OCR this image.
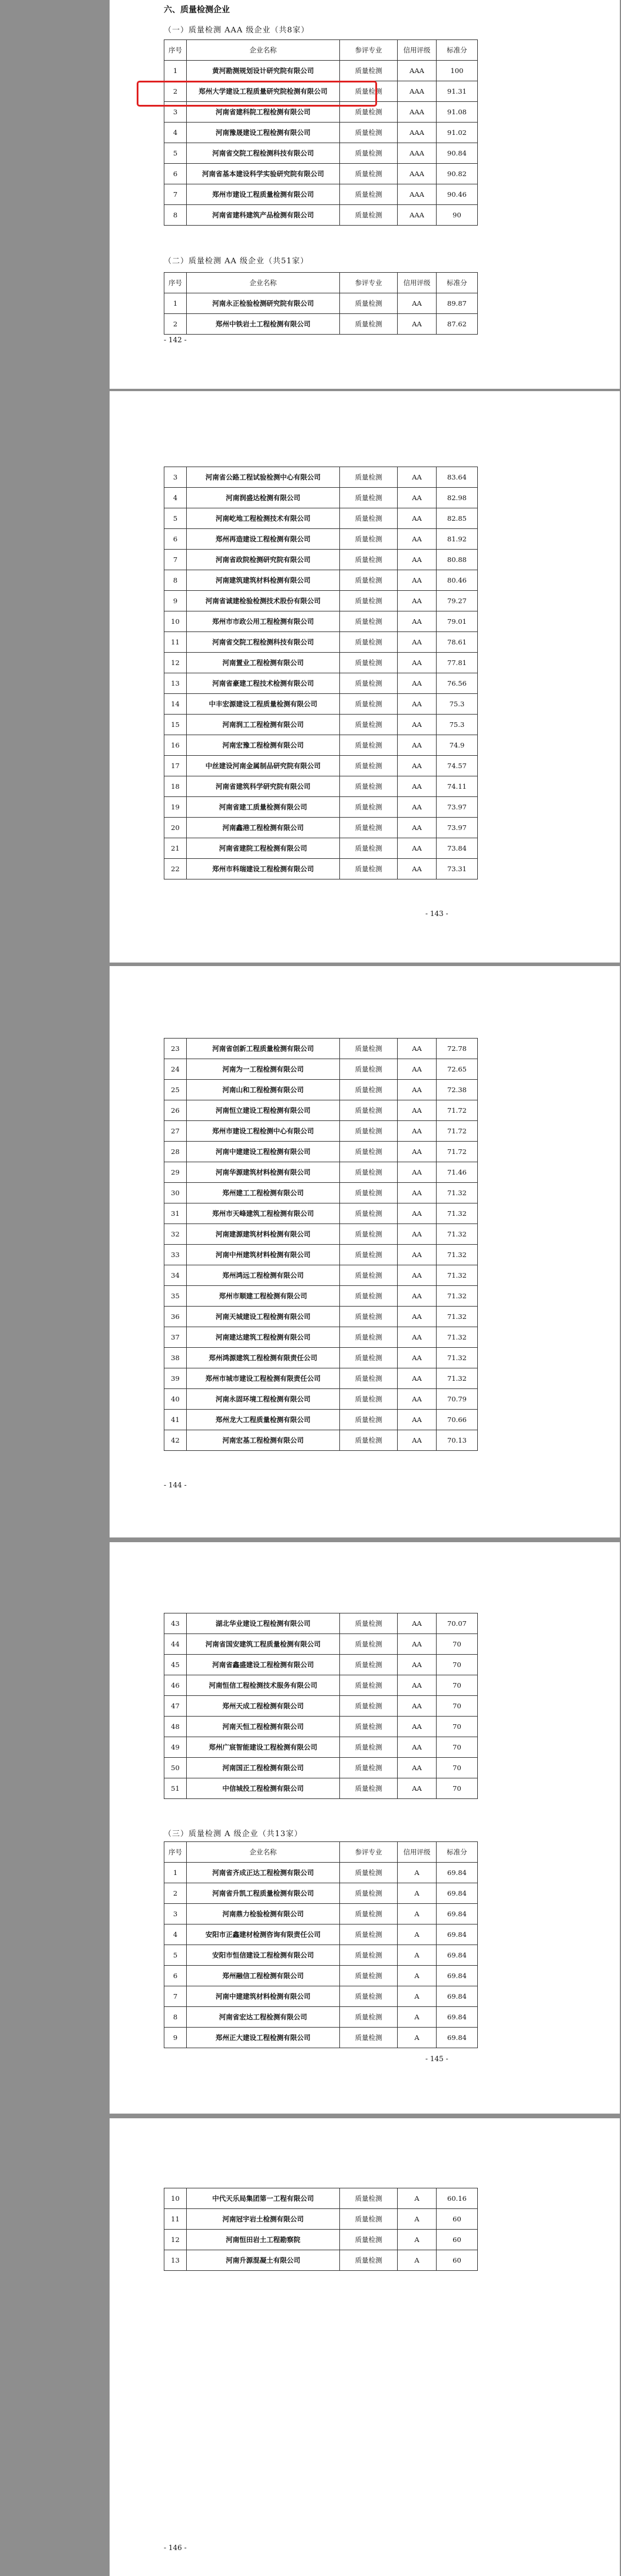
六、质量检测企业
（一）质量检测 AAA 级企业（共8家）
序号	企业名称	参评专业	信用评级	标准分
1	黄河勘测规划设计研究院有限公司	质量检测	AAA	100
2	郑州大学建设工程质量研究院检测有限公司	质量检测	AAA	91.31
3	河南省建科院工程检测有限公司	质量检测	AAA	91.08
4	河南豫晟建设工程检测有限公司	质量检测	AAA	91.02
5	河南省交院工程检测科技有限公司	质量检测	AAA	90.84
6	河南省基本建设科学实验研究院有限公司	质量检测	AAA	90.82
7	郑州市建设工程质量检测有限公司	质量检测	AAA	90.46
8	河南省建科建筑产品检测有限公司	质量检测	AAA	90
（二）质量检测 AA 级企业（共51家）
序号	企业名称	参评专业	信用评级	标准分
1	河南永正检验检测研究院有限公司	质量检测	AA	89.87
2	郑州中铁岩土工程检测有限公司	质量检测	AA	87.62
- 142 -
3	河南省公路工程试验检测中心有限公司	质量检测	AA	83.64
4	河南润盛达检测有限公司	质量检测	AA	82.98
5	河南屹地工程检测技术有限公司	质量检测	AA	82.85
6	郑州再造建设工程检测有限公司	质量检测	AA	81.92
7	河南省政院检测研究院有限公司	质量检测	AA	80.88
8	河南建筑建筑材料检测有限公司	质量检测	AA	80.46
9	河南省诚建检验检测技术股份有限公司	质量检测	AA	79.27
10	郑州市市政公用工程检测有限公司	质量检测	AA	79.01
11	河南省交院工程检测科技有限公司	质量检测	AA	78.61
12	河南置业工程检测有限公司	质量检测	AA	77.81
13	河南省豪建工程技术检测有限公司	质量检测	AA	76.56
14	中丰宏源建设工程质量检测有限公司	质量检测	AA	75.3
15	河南润工工程检测有限公司	质量检测	AA	75.3
16	河南宏豫工程检测有限公司	质量检测	AA	74.9
17	中丝建设河南金属制品研究院有限公司	质量检测	AA	74.57
18	河南省建筑科学研究院有限公司	质量检测	AA	74.11
19	河南省建工质量检测有限公司	质量检测	AA	73.97
20	河南鑫港工程检测有限公司	质量检测	AA	73.97
21	河南省建院工程检测有限公司	质量检测	AA	73.84
22	郑州市科瑞建设工程检测有限公司	质量检测	AA	73.31
- 143 -
23	河南省创新工程质量检测有限公司	质量检测	AA	72.78
24	河南为一工程检测有限公司	质量检测	AA	72.65
25	河南山和工程检测有限公司	质量检测	AA	72.38
26	河南恒立建设工程检测有限公司	质量检测	AA	71.72
27	郑州市建设工程检测中心有限公司	质量检测	AA	71.72
28	河南中建建设工程检测有限公司	质量检测	AA	71.72
29	河南华源建筑材料检测有限公司	质量检测	AA	71.46
30	郑州建工工程检测有限公司	质量检测	AA	71.32
31	郑州市天峰建筑工程检测有限公司	质量检测	AA	71.32
32	河南建源建筑材料检测有限公司	质量检测	AA	71.32
33	河南中州建筑材料检测有限公司	质量检测	AA	71.32
34	郑州鸿远工程检测有限公司	质量检测	AA	71.32
35	郑州市顺建工程检测有限公司	质量检测	AA	71.32
36	河南天城建设工程检测有限公司	质量检测	AA	71.32
37	河南建达建筑工程检测有限公司	质量检测	AA	71.32
38	郑州鸿源建筑工程检测有限责任公司	质量检测	AA	71.32
39	郑州市城市建设工程检测有限责任公司	质量检测	AA	71.32
40	河南永固环境工程检测有限公司	质量检测	AA	70.79
41	郑州龙大工程质量检测有限公司	质量检测	AA	70.66
42	河南宏基工程检测有限公司	质量检测	AA	70.13
- 144 -
43	湖北华业建设工程检测有限公司	质量检测	AA	70.07
44	河南省国安建筑工程质量检测有限公司	质量检测	AA	70
45	河南省鑫盛建设工程检测有限公司	质量检测	AA	70
46	河南恒信工程检测技术服务有限公司	质量检测	AA	70
47	郑州天成工程检测有限公司	质量检测	AA	70
48	河南天恒工程检测有限公司	质量检测	AA	70
49	郑州广宸智能建设工程检测有限公司	质量检测	AA	70
50	河南国正工程检测有限公司	质量检测	AA	70
51	中信城投工程检测有限公司	质量检测	AA	70
（三）质量检测 A 级企业（共13家）
序号	企业名称	参评专业	信用评级	标准分
1	河南省齐成正达工程检测有限公司	质量检测	A	69.84
2	河南省升凯工程质量检测有限公司	质量检测	A	69.84
3	河南鼎力检验检测有限公司	质量检测	A	69.84
4	安阳市正鑫建材检测咨询有限责任公司	质量检测	A	69.84
5	安阳市恒信建设工程检测有限公司	质量检测	A	69.84
6	郑州融信工程检测有限公司	质量检测	A	69.84
7	河南中建建筑材料检测有限公司	质量检测	A	69.84
8	河南省宏达工程检测有限公司	质量检测	A	69.84
9	郑州正大建设工程检测有限公司	质量检测	A	69.84
- 145 -
10	中代天乐局集团第一工程有限公司	质量检测	A	60.16
11	河南冠宇岩土检测有限公司	质量检测	A	60
12	河南恒田岩土工程勘察院	质量检测	A	60
13	河南升源混凝土有限公司	质量检测	A	60
- 146 -
